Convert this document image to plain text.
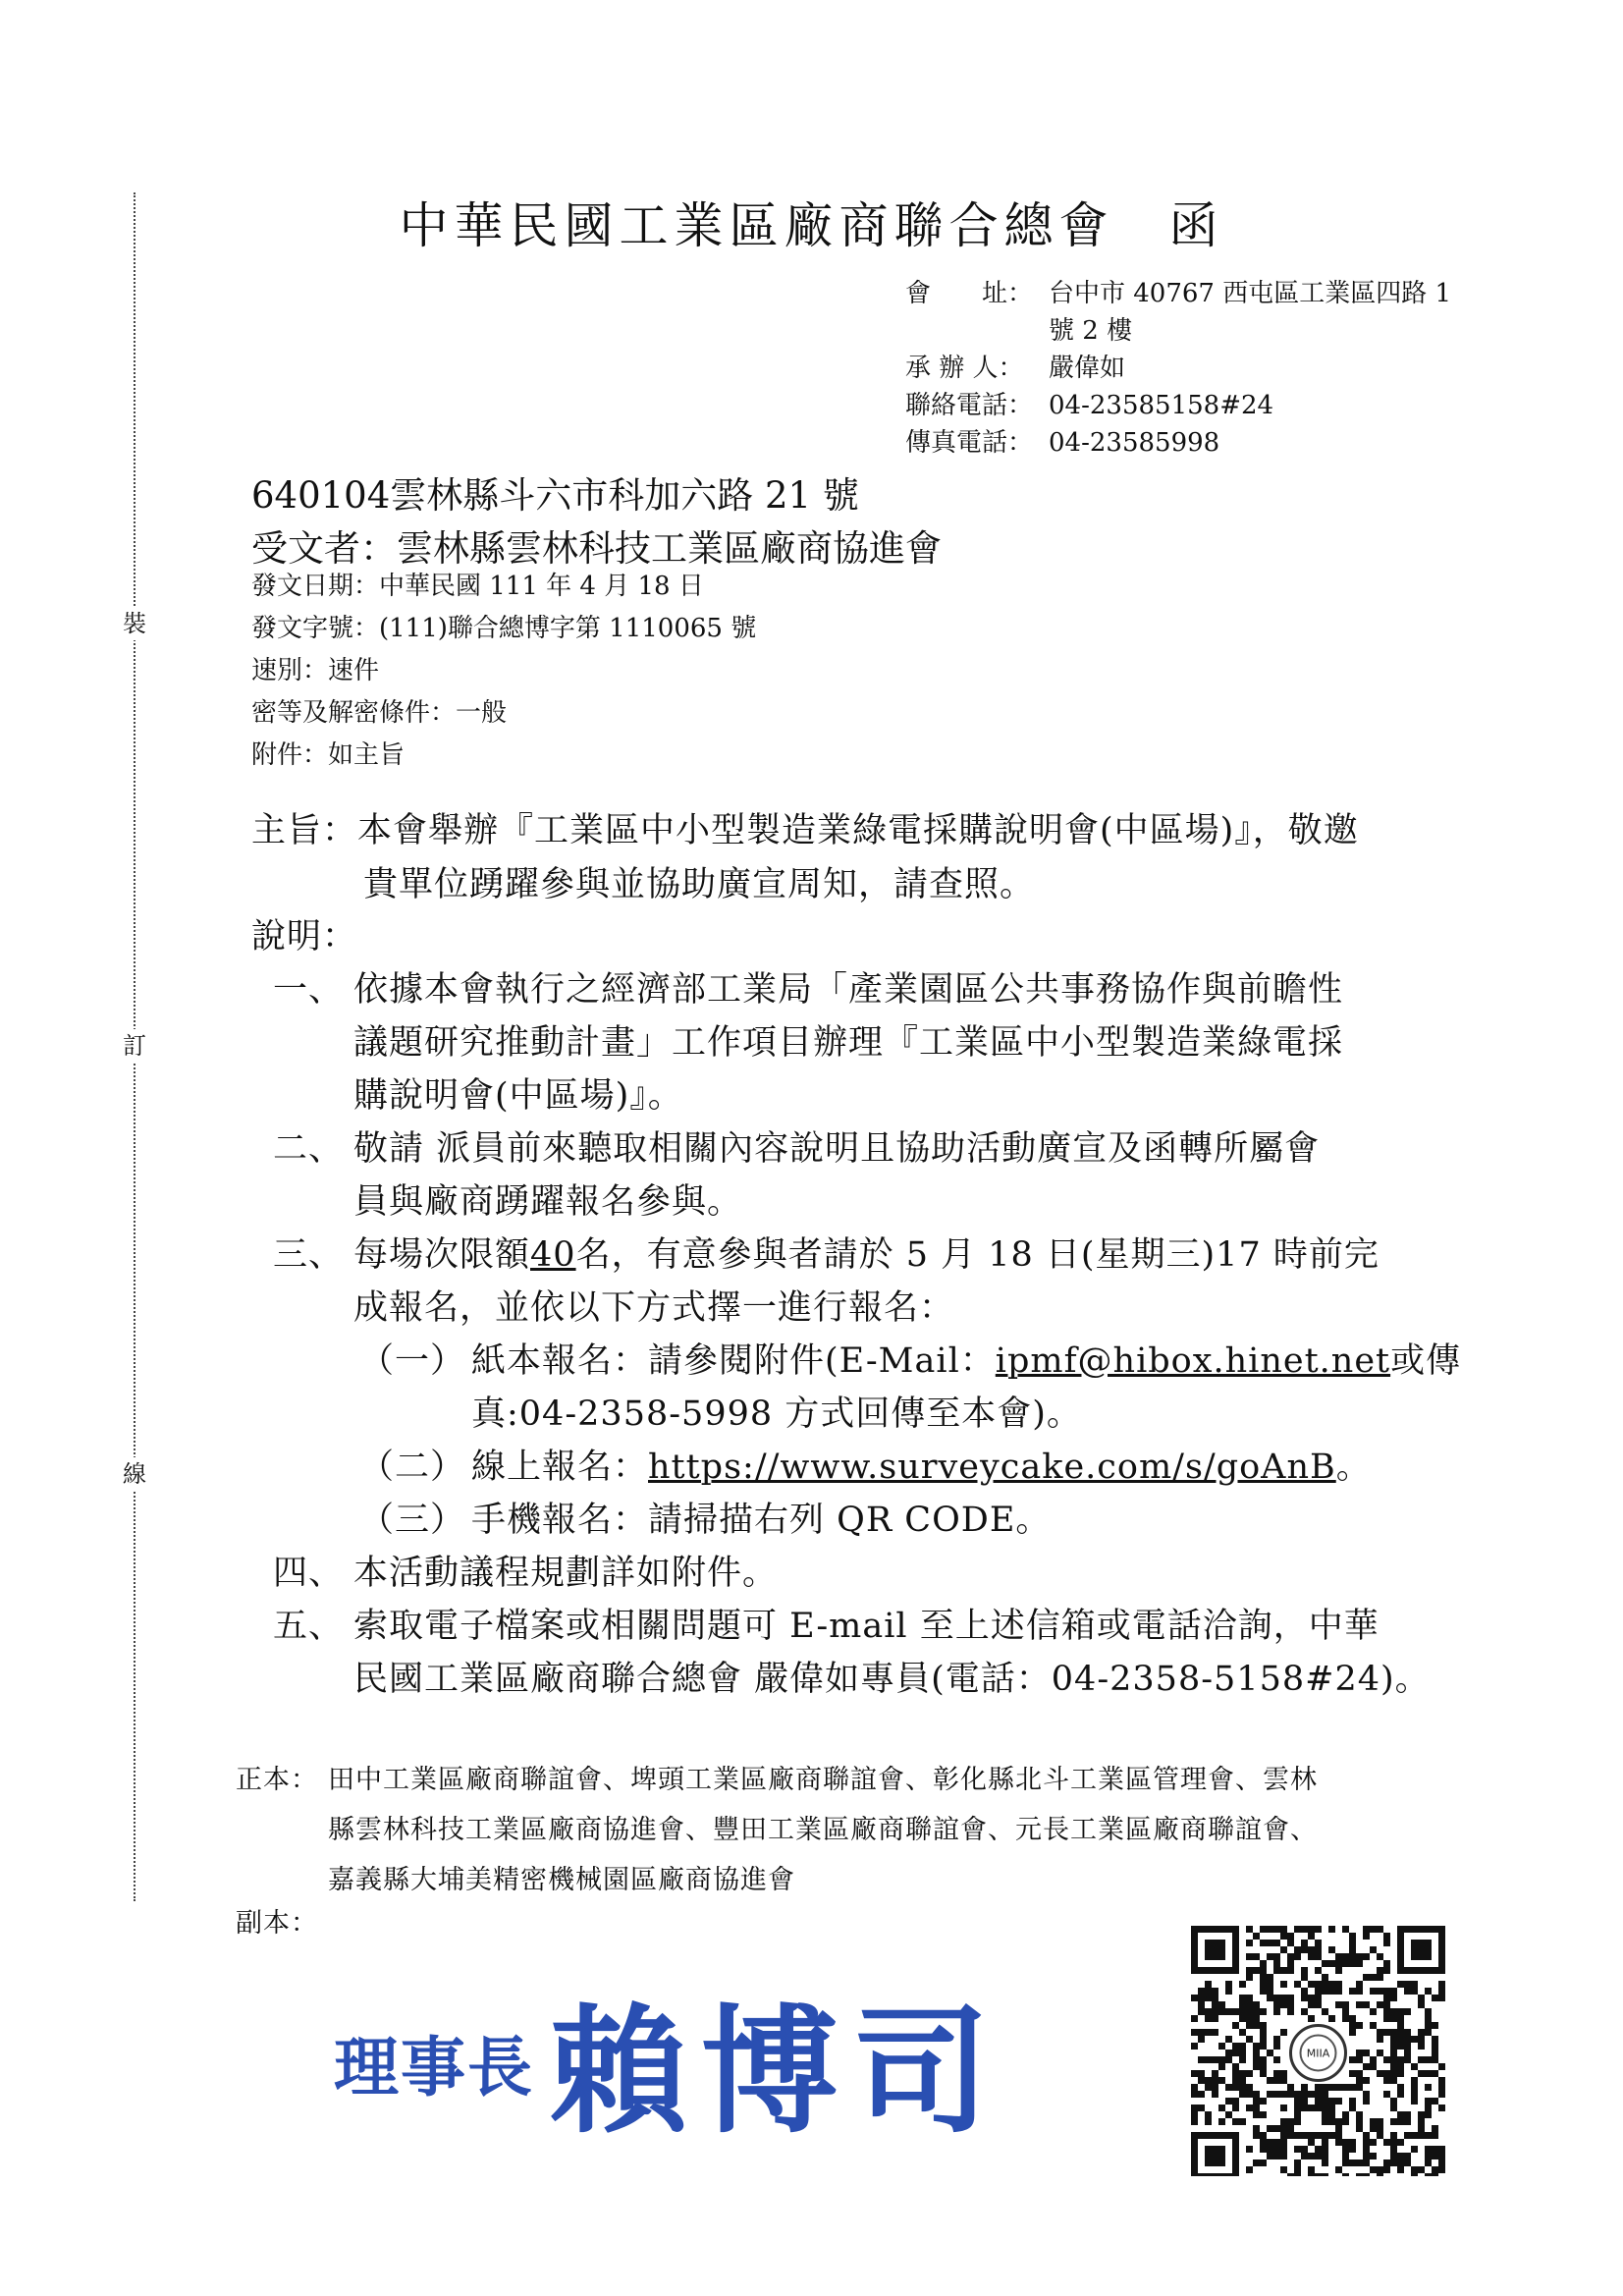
裝
訂
線
中華民國工業區廠商聯合總會　函
會　　址： 台中市 40767 西屯區工業區四路 1
號 2 樓
承 辦 人： 嚴偉如
聯絡電話： 04-23585158#24
傳真電話： 04-23585998
640104雲林縣斗六市科加六路 21 號
受文者：雲林縣雲林科技工業區廠商協進會
發文日期：中華民國 111 年 4 月 18 日
發文字號：(111)聯合總博字第 1110065 號
速別：速件
密等及解密條件：一般
附件：如主旨
主旨：本會舉辦『工業區中小型製造業綠電採購說明會(中區場)』，敬邀
貴單位踴躍參與並協助廣宣周知，請查照。
說明：
一、 依據本會執行之經濟部工業局「產業園區公共事務協作與前瞻性
議題研究推動計畫」工作項目辦理『工業區中小型製造業綠電採
購說明會(中區場)』。
二、 敬請 派員前來聽取相關內容說明且協助活動廣宣及函轉所屬會
員與廠商踴躍報名參與。
三、 每場次限額40名，有意參與者請於 5 月 18 日(星期三)17 時前完
成報名，並依以下方式擇一進行報名：
（一） 紙本報名：請參閱附件(E-Mail：ipmf@hibox.hinet.net或傳
真:04-2358-5998 方式回傳至本會)。
（二） 線上報名：https://www.surveycake.com/s/goAnB。
（三） 手機報名：請掃描右列 QR CODE。
四、 本活動議程規劃詳如附件。
五、 索取電子檔案或相關問題可 E-mail 至上述信箱或電話洽詢，中華
民國工業區廠商聯合總會 嚴偉如專員(電話：04-2358-5158#24)。
正本： 田中工業區廠商聯誼會、埤頭工業區廠商聯誼會、彰化縣北斗工業區管理會、雲林
縣雲林科技工業區廠商協進會、豐田工業區廠商聯誼會、元長工業區廠商聯誼會、
嘉義縣大埔美精密機械園區廠商協進會
副本：
理事長 賴博司	MIIA
